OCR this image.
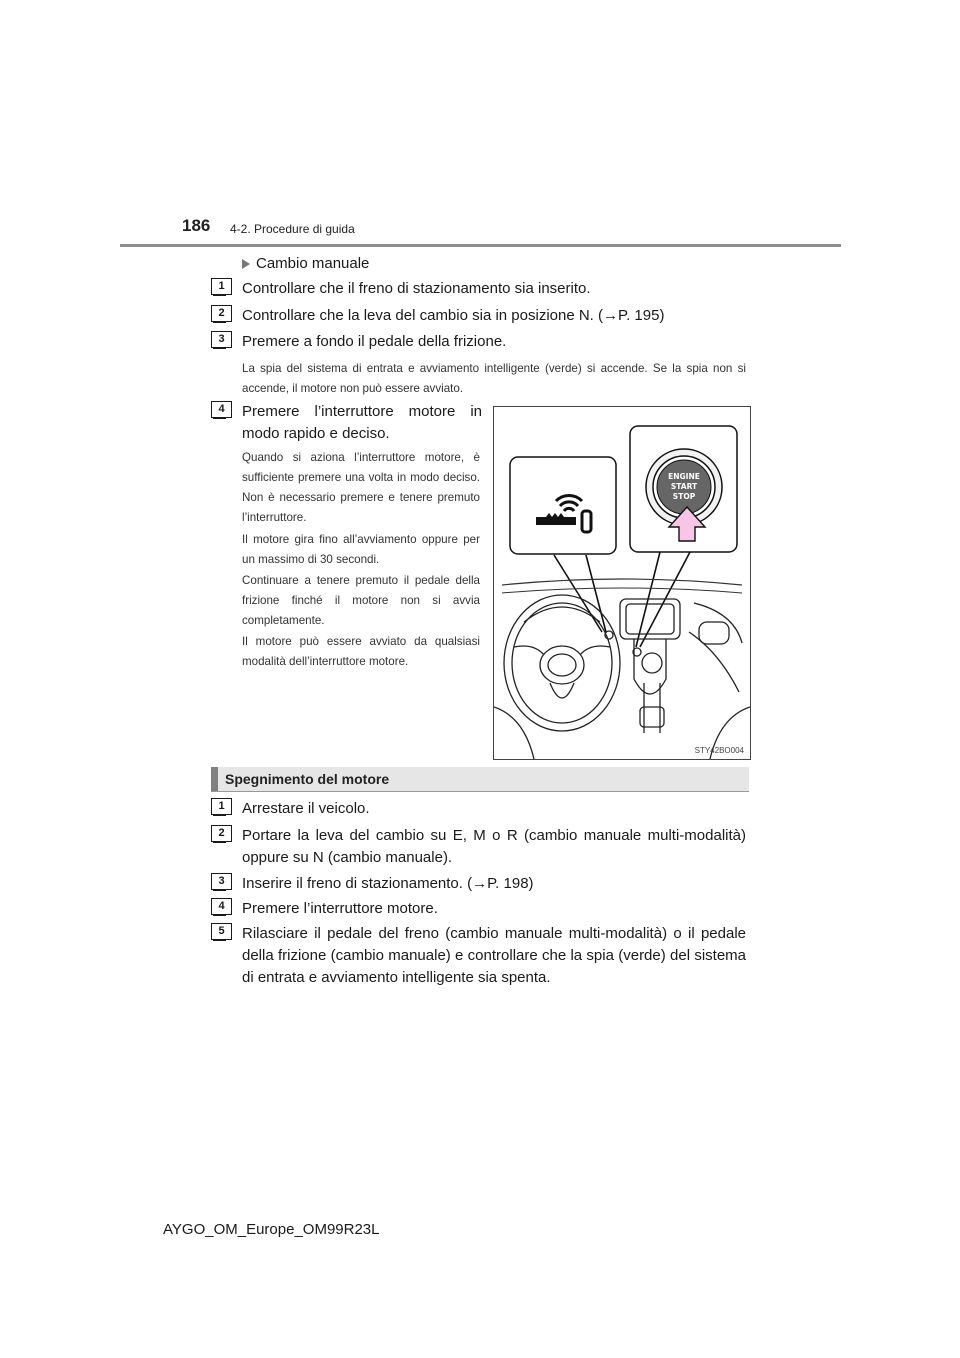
186 4-2. Procedure di guida
Cambio manuale
1	Controllare che il freno di stazionamento sia inserito.
2	Controllare che la leva del cambio sia in posizione N. (→P. 195)
3	Premere a fondo il pedale della frizione.
La spia del sistema di entrata e avviamento intelligente (verde) si accende. Se la spia non si accende, il motore non può essere avviato.
4	Premere l’interruttore motore in
modo rapido e deciso.
Quando si aziona l’interruttore motore, è sufficiente premere una volta in modo deciso. Non è necessario premere e tenere premuto l’interruttore.
Il motore gira fino all’avviamento oppure per un massimo di 30 secondi.
Continuare a tenere premuto il pedale della frizione finché il motore non si avvia completamente.
Il motore può essere avviato da qualsiasi modalità dell’interruttore motore.
ENGINE
START
STOP
STY42BO004
Spegnimento del motore
1	Arrestare il veicolo.
2	Portare la leva del cambio su E, M o R (cambio manuale multi-modalità) oppure su N (cambio manuale).
3	Inserire il freno di stazionamento. (→P. 198)
4	Premere l’interruttore motore.
5	Rilasciare il pedale del freno (cambio manuale multi-modalità) o il pedale della frizione (cambio manuale) e controllare che la spia (verde) del sistema di entrata e avviamento intelligente sia spenta.
AYGO_OM_Europe_OM99R23L
